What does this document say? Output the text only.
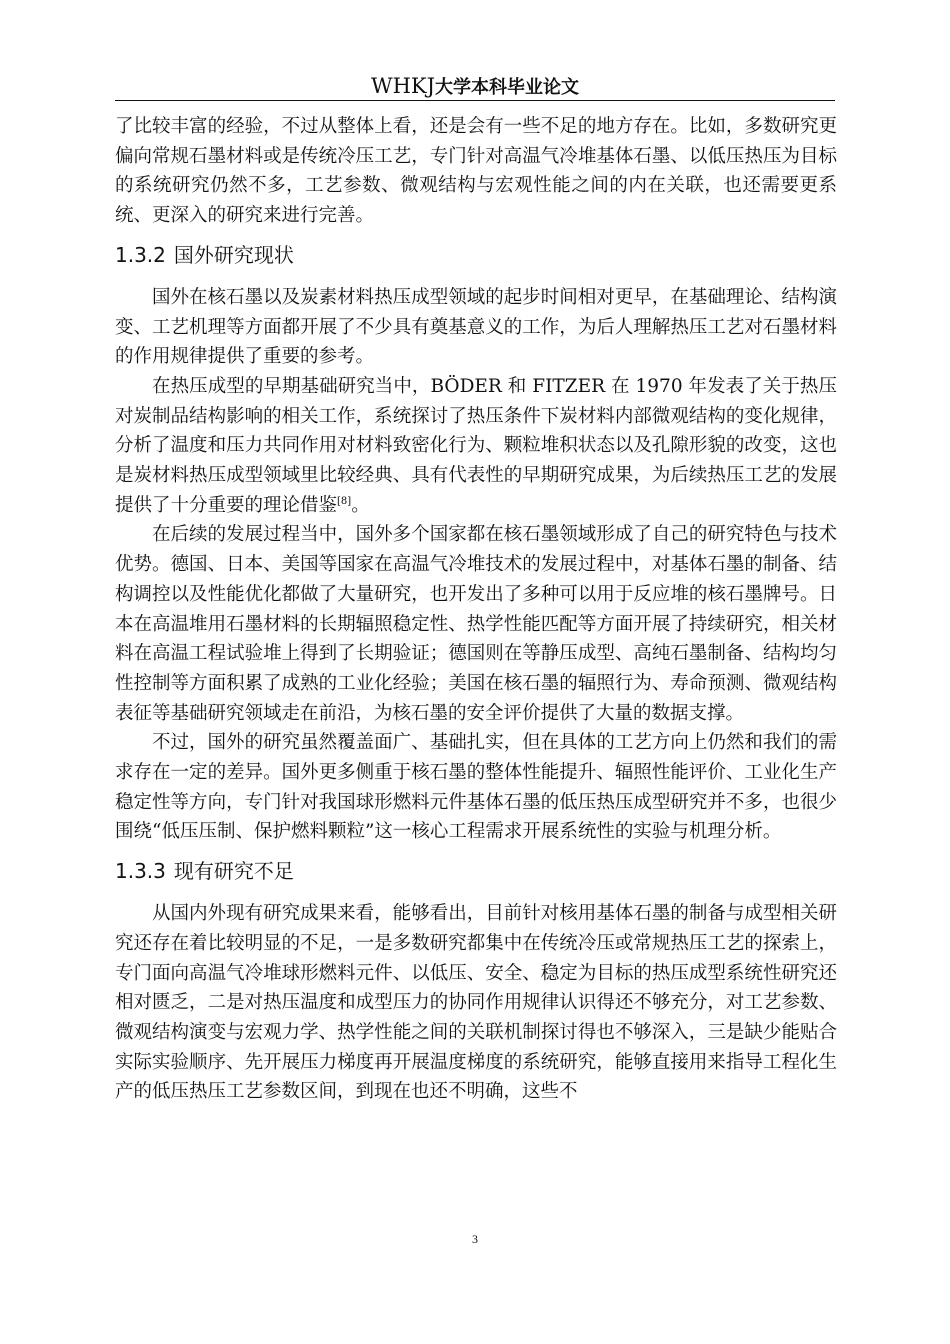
WHKJ大学本科毕业论文

了比较丰富的经验，不过从整体上看，还是会有一些不足的地方存在。比如，多数研究更偏向常规石墨材料或是传统冷压工艺，专门针对高温气冷堆基体石墨、以低压热压为目标的系统研究仍然不多，工艺参数、微观结构与宏观性能之间的内在关联，也还需要更系统、更深入的研究来进行完善。

1.3.2 国外研究现状

国外在核石墨以及炭素材料热压成型领域的起步时间相对更早，在基础理论、结构演变、工艺机理等方面都开展了不少具有奠基意义的工作，为后人理解热压工艺对石墨材料的作用规律提供了重要的参考。

在热压成型的早期基础研究当中，BÖDER 和 FITZER 在 1970 年发表了关于热压对炭制品结构影响的相关工作，系统探讨了热压条件下炭材料内部微观结构的变化规律，分析了温度和压力共同作用对材料致密化行为、颗粒堆积状态以及孔隙形貌的改变，这也是炭材料热压成型领域里比较经典、具有代表性的早期研究成果，为后续热压工艺的发展提供了十分重要的理论借鉴[8]。

在后续的发展过程当中，国外多个国家都在核石墨领域形成了自己的研究特色与技术优势。德国、日本、美国等国家在高温气冷堆技术的发展过程中，对基体石墨的制备、结构调控以及性能优化都做了大量研究，也开发出了多种可以用于反应堆的核石墨牌号。日本在高温堆用石墨材料的长期辐照稳定性、热学性能匹配等方面开展了持续研究，相关材料在高温工程试验堆上得到了长期验证；德国则在等静压成型、高纯石墨制备、结构均匀性控制等方面积累了成熟的工业化经验；美国在核石墨的辐照行为、寿命预测、微观结构表征等基础研究领域走在前沿，为核石墨的安全评价提供了大量的数据支撑。

不过，国外的研究虽然覆盖面广、基础扎实，但在具体的工艺方向上仍然和我们的需求存在一定的差异。国外更多侧重于核石墨的整体性能提升、辐照性能评价、工业化生产稳定性等方向，专门针对我国球形燃料元件基体石墨的低压热压成型研究并不多，也很少围绕“低压压制、保护燃料颗粒”这一核心工程需求开展系统性的实验与机理分析。

1.3.3 现有研究不足

从国内外现有研究成果来看，能够看出，目前针对核用基体石墨的制备与成型相关研究还存在着比较明显的不足，一是多数研究都集中在传统冷压或常规热压工艺的探索上，专门面向高温气冷堆球形燃料元件、以低压、安全、稳定为目标的热压成型系统性研究还相对匮乏，二是对热压温度和成型压力的协同作用规律认识得还不够充分，对工艺参数、微观结构演变与宏观力学、热学性能之间的关联机制探讨得也不够深入，三是缺少能贴合实际实验顺序、先开展压力梯度再开展温度梯度的系统研究，能够直接用来指导工程化生产的低压热压工艺参数区间，到现在也还不明确，这些不

3
